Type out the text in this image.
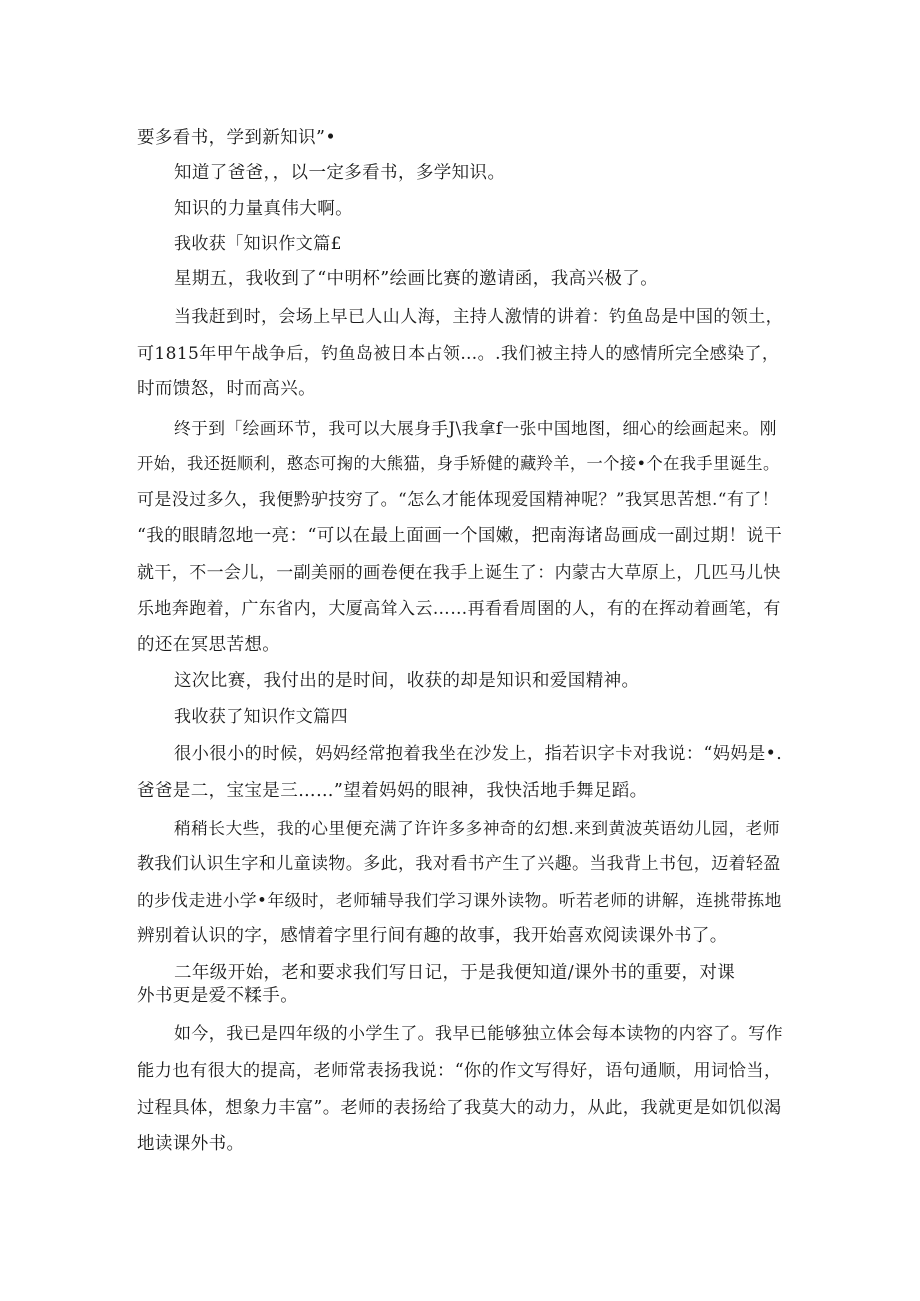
要多看书，学到新知识”•

知道了爸爸，，以一定多看书，多学知识。

知识的力量真伟大啊。

我收获「知识作文篇£

星期五，我收到了“中明杯”绘画比赛的邀请函，我高兴极了。

当我赶到时，会场上早已人山人海，主持人激情的讲着：钓鱼岛是中国的领土，

可1815年甲午战争后，钓鱼岛被日本占领…。.我们被主持人的感情所完全感染了，

时而馈怒，时而高兴。

终于到「绘画环节，我可以大展身手J\我拿f一张中国地图，细心的绘画起来。刚

开始，我还挺顺利，憨态可掬的大熊猫，身手矫健的藏羚羊，一个接•个在我手里诞生。

可是没过多久，我便黔驴技穷了。“怎么才能体现爱国精神呢？”我冥思苦想.“有了！

“我的眼睛忽地一亮：“可以在最上面画一个国嫩，把南海诸岛画成一副过期！说干

就干，不一会儿，一副美丽的画卷便在我手上诞生了：内蒙古大草原上，几匹马儿快

乐地奔跑着，广东省内，大厦高耸入云……再看看周圉的人，有的在挥动着画笔，有

的还在冥思苦想。

这次比赛，我付出的是时间，收获的却是知识和爱国精神。

我收获了知识作文篇四

很小很小的时候，妈妈经常抱着我坐在沙发上，指若识字卡对我说：“妈妈是•.

爸爸是二，宝宝是三……”望着妈妈的眼神，我快活地手舞足蹈。

稍稍长大些，我的心里便充满了许许多多神奇的幻想.来到黄波英语幼儿园，老师

教我们认识生字和儿童读物。多此，我对看书产生了兴趣。当我背上书包，迈着轻盈

的步伐走进小学•年级时，老师辅导我们学习课外读物。听若老师的讲解，连挑带拣地

辨别着认识的字，感情着字里行间有趣的故事，我开始喜欢阅读课外书了。

二年级开始，老和要求我们写日记，于是我便知道/课外书的重要，对课

外书更是爱不糅手。

如今，我已是四年级的小学生了。我早已能够独立体会每本读物的内容了。写作

能力也有很大的提高，老师常表扬我说：“你的作文写得好，语句通顺，用词恰当，

过程具体，想象力丰富”。老师的表扬给了我莫大的动力，从此，我就更是如饥似渴

地读课外书。
